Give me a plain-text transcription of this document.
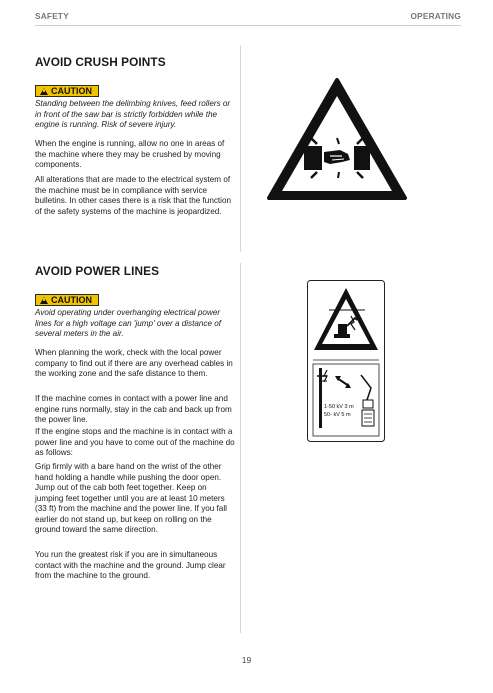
SAFETY	OPERATING
AVOID CRUSH POINTS
CAUTION

Standing between the delimbing knives, feed rollers or in front of the saw bar is strictly forbidden while the engine is running. Risk of severe injury.

When the engine is running, allow no one in areas of the machine where they may be crushed by moving components.

All alterations that are made to the electrical system of the machine must be in compliance with service bulletins. In other cases there is a risk that the function of the safety systems of the machine is jeopardized.

AVOID POWER LINES
CAUTION

Avoid operating under overhanging electrical power lines for a high voltage can 'jump' over a distance of several meters in the air.

When planning the work, check with the local power company to find out if there are any overhead cables in the working zone and the safe distance to them.

If the machine comes in contact with a power line and engine runs normally, stay in the cab and back up from the power line.

If the engine stops and the machine is in contact with a power line and you have to come out of the machine do as follows:

Grip firmly with a bare hand on the wrist of the other hand holding a handle while pushing the door open. Jump out of the cab both feet together. Keep on jumping feet together until you are at least 10 meters (33 ft) from the machine and the power line. If you fall earlier do not stand up, but keep on rolling on the ground toward the same direction.

You run the greatest risk if you are in simultaneous contact with the machine and the ground. Jump clear from the machine to the ground.

1-50 kV 3 m
50- kV 5 m
19
